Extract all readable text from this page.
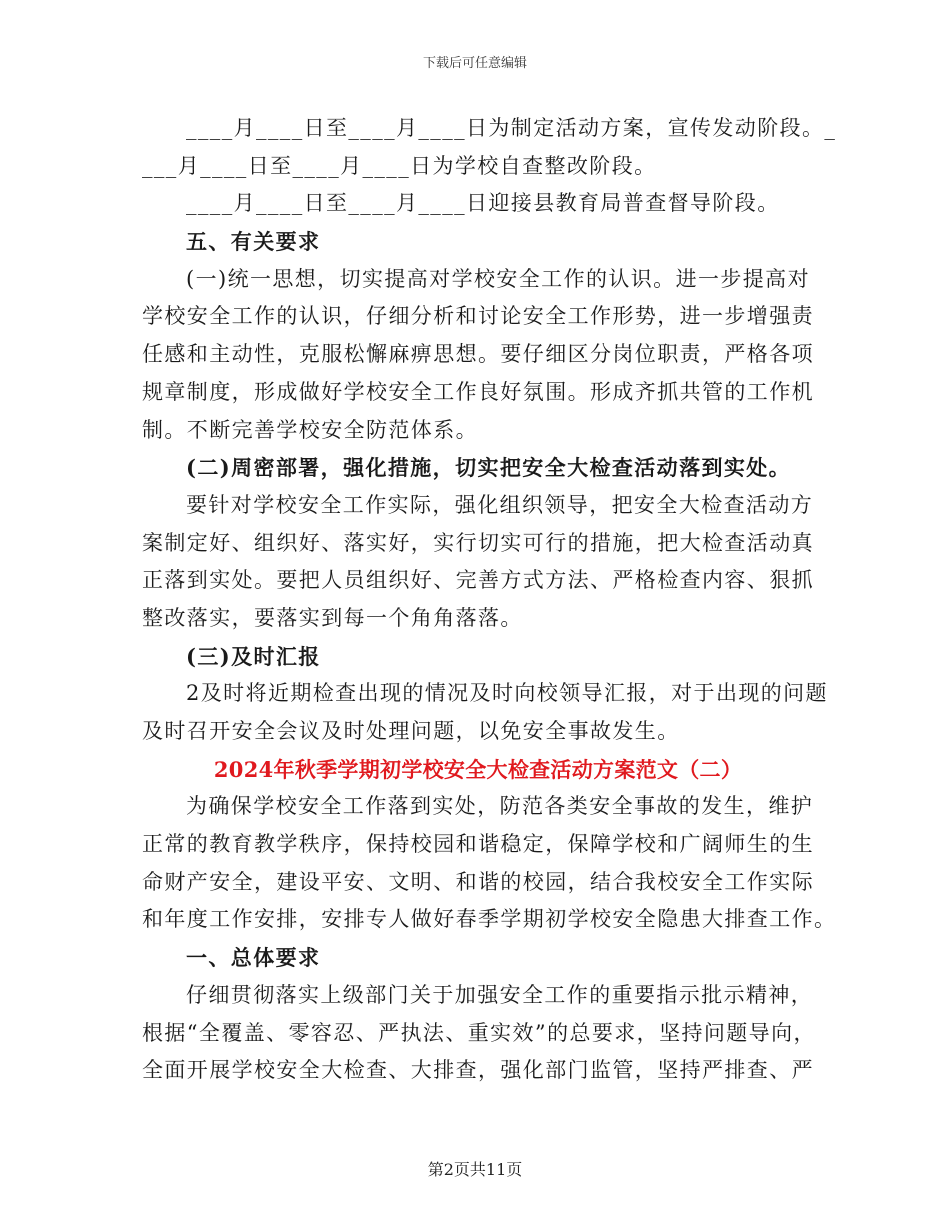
下载后可任意编辑
____月____日至____月____日为制定活动方案，宣传发动阶段。_
___月____日至____月____日为学校自查整改阶段。
____月____日至____月____日迎接县教育局普查督导阶段。
五、有关要求
(一)统一思想，切实提高对学校安全工作的认识。进一步提高对
学校安全工作的认识，仔细分析和讨论安全工作形势，进一步增强责
任感和主动性，克服松懈麻痹思想。要仔细区分岗位职责，严格各项
规章制度，形成做好学校安全工作良好氛围。形成齐抓共管的工作机
制。不断完善学校安全防范体系。
(二)周密部署，强化措施，切实把安全大检查活动落到实处。
要针对学校安全工作实际，强化组织领导，把安全大检查活动方
案制定好、组织好、落实好，实行切实可行的措施，把大检查活动真
正落到实处。要把人员组织好、完善方式方法、严格检查内容、狠抓
整改落实，要落实到每一个角角落落。
(三)及时汇报
2及时将近期检查出现的情况及时向校领导汇报，对于出现的问题
及时召开安全会议及时处理问题，以免安全事故发生。
2024年秋季学期初学校安全大检查活动方案范文（二）
为确保学校安全工作落到实处，防范各类安全事故的发生，维护
正常的教育教学秩序，保持校园和谐稳定，保障学校和广阔师生的生
命财产安全，建设平安、文明、和谐的校园，结合我校安全工作实际
和年度工作安排，安排专人做好春季学期初学校安全隐患大排查工作。
一、总体要求
仔细贯彻落实上级部门关于加强安全工作的重要指示批示精神，
根据“全覆盖、零容忍、严执法、重实效”的总要求，坚持问题导向，
全面开展学校安全大检查、大排查，强化部门监管，坚持严排查、严
第2页共11页
